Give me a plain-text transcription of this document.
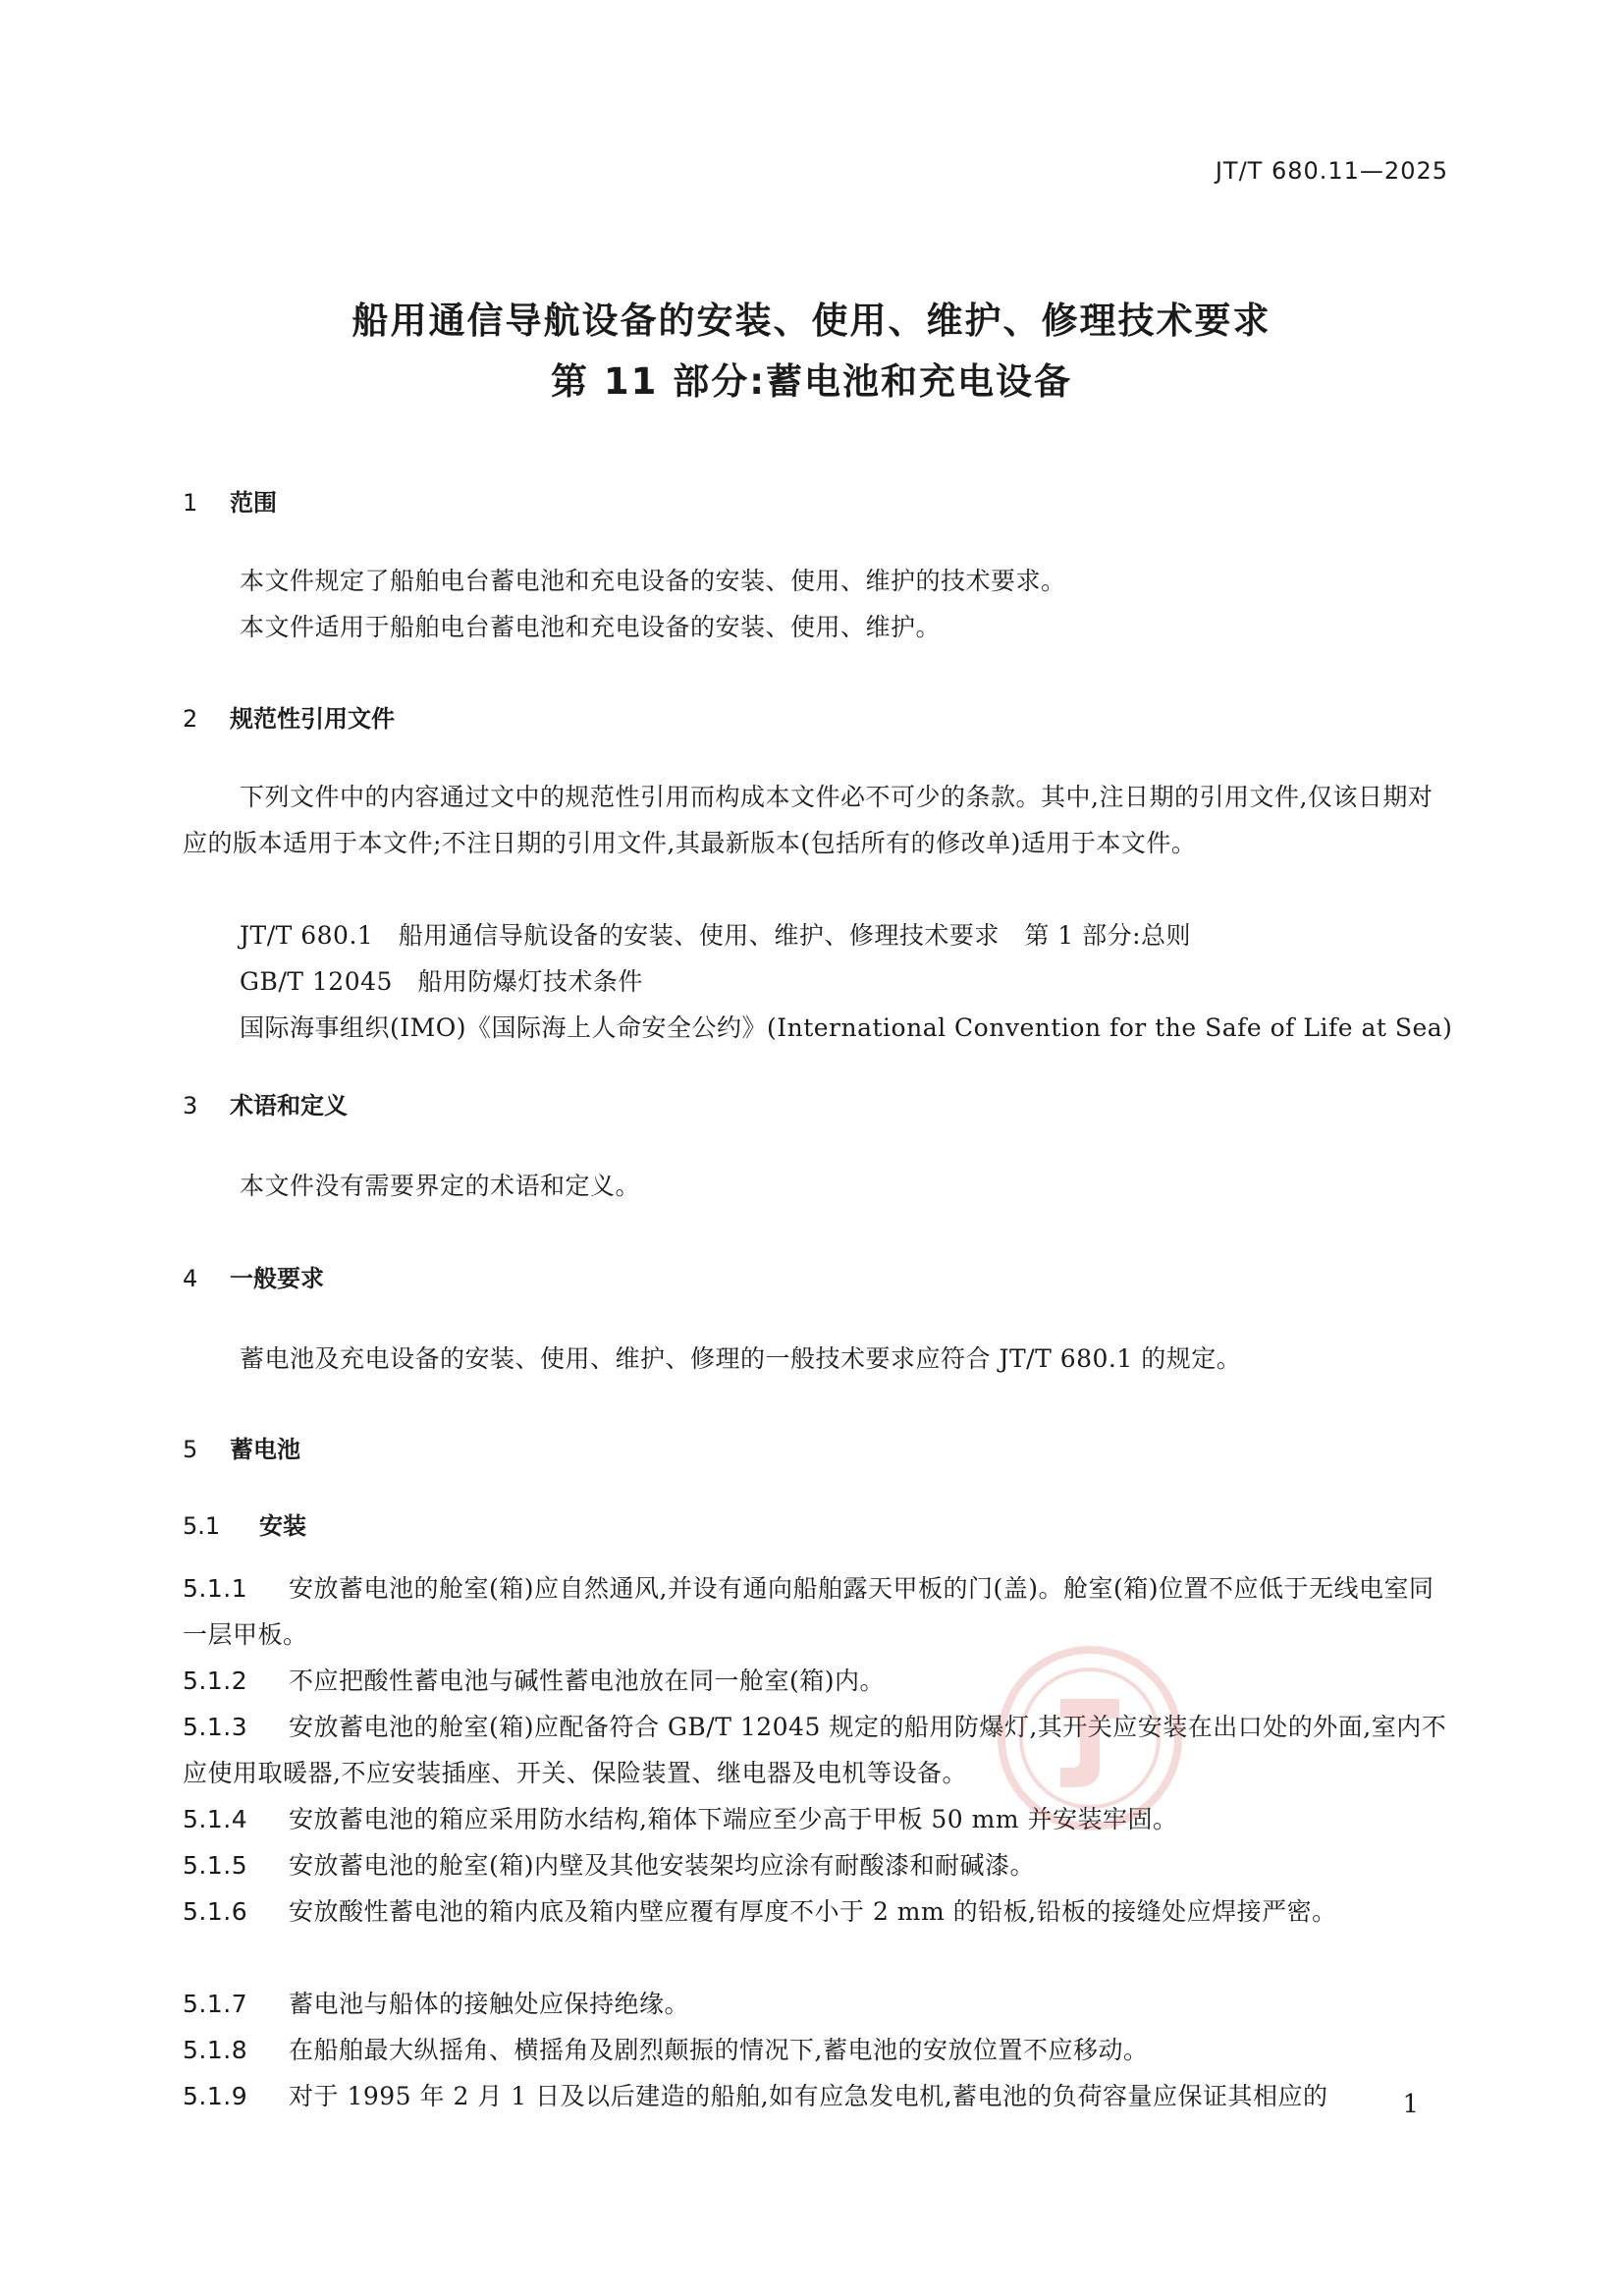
JT/T 680.11—2025
船用通信导航设备的安装、使用、维护、修理技术要求
第 11 部分:蓄电池和充电设备
1 范围
本文件规定了船舶电台蓄电池和充电设备的安装、使用、维护的技术要求。
本文件适用于船舶电台蓄电池和充电设备的安装、使用、维护。
2 规范性引用文件
下列文件中的内容通过文中的规范性引用而构成本文件必不可少的条款。其中,注日期的引用文件,仅该日期对应的版本适用于本文件;不注日期的引用文件,其最新版本(包括所有的修改单)适用于本文件。
JT/T 680.1　船用通信导航设备的安装、使用、维护、修理技术要求　第 1 部分:总则
GB/T 12045　船用防爆灯技术条件
国际海事组织(IMO)《国际海上人命安全公约》(International Convention for the Safe of Life at Sea)
3 术语和定义
本文件没有需要界定的术语和定义。
4 一般要求
蓄电池及充电设备的安装、使用、维护、修理的一般技术要求应符合 JT/T 680.1 的规定。
5 蓄电池
5.1 安装
5.1.1 安放蓄电池的舱室(箱)应自然通风,并设有通向船舶露天甲板的门(盖)。舱室(箱)位置不应低于无线电室同一层甲板。
5.1.2 不应把酸性蓄电池与碱性蓄电池放在同一舱室(箱)内。
5.1.3 安放蓄电池的舱室(箱)应配备符合 GB/T 12045 规定的船用防爆灯,其开关应安装在出口处的外面,室内不应使用取暖器,不应安装插座、开关、保险装置、继电器及电机等设备。
5.1.4 安放蓄电池的箱应采用防水结构,箱体下端应至少高于甲板 50 mm 并安装牢固。
5.1.5 安放蓄电池的舱室(箱)内壁及其他安装架均应涂有耐酸漆和耐碱漆。
5.1.6 安放酸性蓄电池的箱内底及箱内壁应覆有厚度不小于 2 mm 的铅板,铅板的接缝处应焊接严密。
5.1.7 蓄电池与船体的接触处应保持绝缘。
5.1.8 在船舶最大纵摇角、横摇角及剧烈颠振的情况下,蓄电池的安放位置不应移动。
5.1.9 对于 1995 年 2 月 1 日及以后建造的船舶,如有应急发电机,蓄电池的负荷容量应保证其相应的	1
